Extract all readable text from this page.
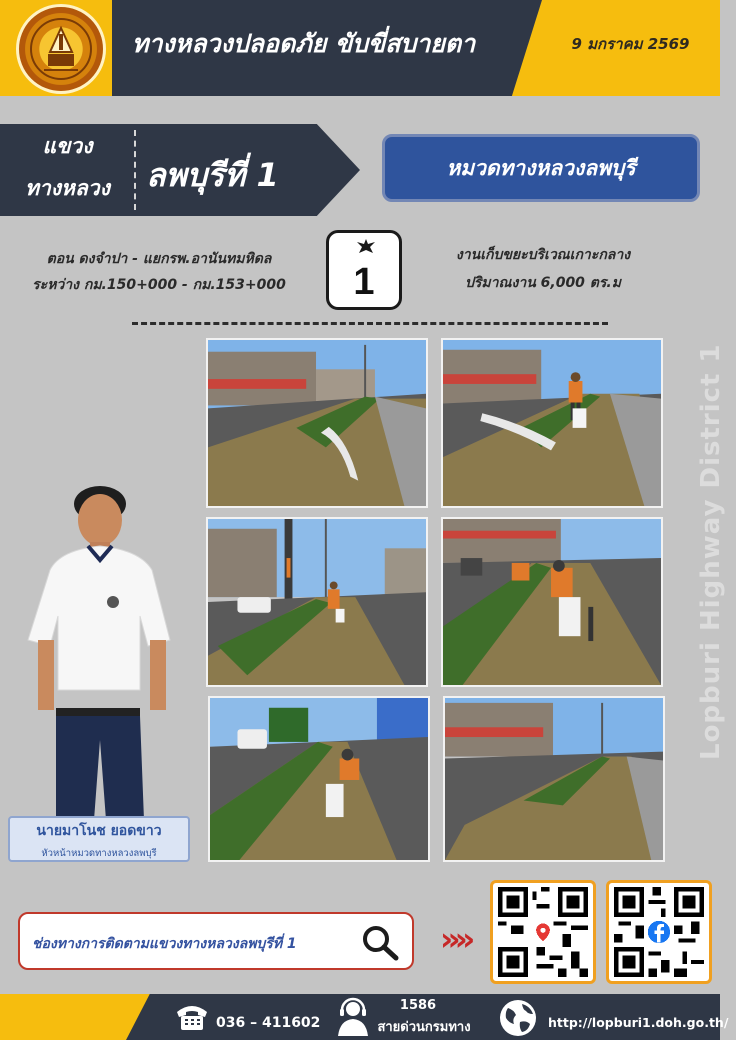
ทางหลวงปลอดภัย ขับขี่สบายตา	9 มกราคม 2569
แขวง
ทางหลวง	ลพบุรีที่ 1	หมวดทางหลวงลพบุรี
ตอน ดงจำปา - แยกรพ.อานันทมหิดล
ระหว่าง กม.150+000 - กม.153+000	1
งานเก็บขยะบริเวณเกาะกลาง
ปริมาณงาน 6,000 ตร.ม
Lopburi Highway District 1
นายมาโนช ยอดขาว
หัวหน้าหมวดทางหลวงลพบุรี
ช่องทางการติดตามแขวงทางหลวงลพบุรีที่ 1	»»
036 – 411602
1586
สายด่วนกรมทาง	http://lopburi1.doh.go.th/
